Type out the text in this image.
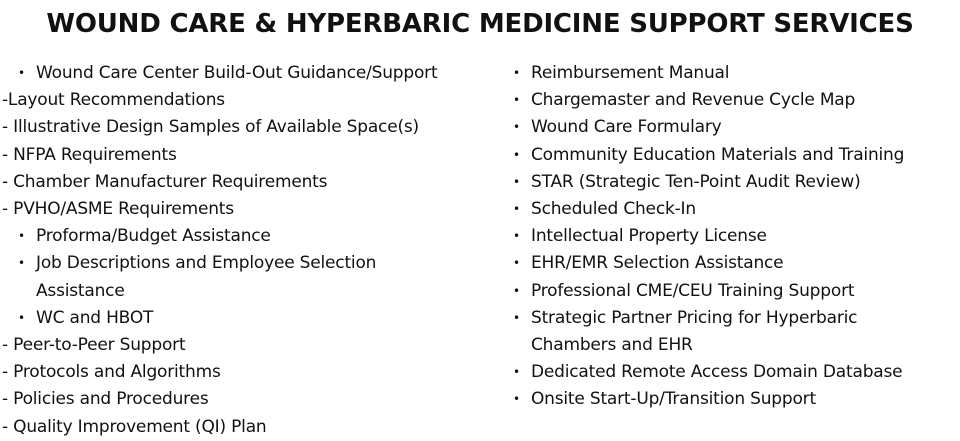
WOUND CARE & HYPERBARIC MEDICINE SUPPORT SERVICES
• Wound Care Center Build-Out Guidance/Support
-Layout Recommendations
- Illustrative Design Samples of Available Space(s)
- NFPA Requirements
- Chamber Manufacturer Requirements
- PVHO/ASME Requirements
• Proforma/Budget Assistance
• Job Descriptions and Employee Selection
Assistance
• WC and HBOT
- Peer-to-Peer Support
- Protocols and Algorithms
- Policies and Procedures
- Quality Improvement (QI) Plan
• Reimbursement Manual
• Chargemaster and Revenue Cycle Map
• Wound Care Formulary
• Community Education Materials and Training
• STAR (Strategic Ten-Point Audit Review)
• Scheduled Check-In
• Intellectual Property License
• EHR/EMR Selection Assistance
• Professional CME/CEU Training Support
• Strategic Partner Pricing for Hyperbaric
Chambers and EHR
• Dedicated Remote Access Domain Database
• Onsite Start-Up/Transition Support
